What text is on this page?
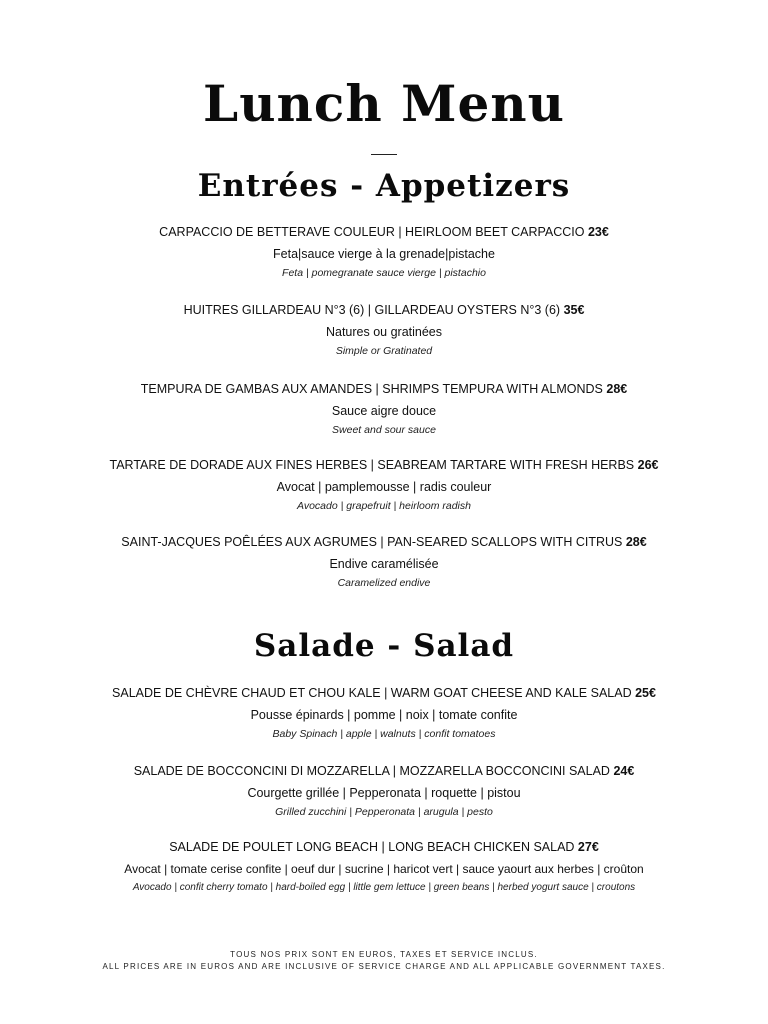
Lunch Menu
Entrées - Appetizers
CARPACCIO DE BETTERAVE COULEUR | HEIRLOOM BEET CARPACCIO 23€
Feta|sauce vierge à la grenade|pistache
Feta | pomegranate sauce vierge | pistachio
HUITRES GILLARDEAU N°3 (6) | GILLARDEAU OYSTERS N°3 (6) 35€
Natures ou gratinées
Simple or Gratinated
TEMPURA DE GAMBAS AUX AMANDES | SHRIMPS TEMPURA WITH ALMONDS 28€
Sauce aigre douce
Sweet and sour sauce
TARTARE DE DORADE AUX FINES HERBES | SEABREAM TARTARE WITH FRESH HERBS 26€
Avocat | pamplemousse | radis couleur
Avocado | grapefruit | heirloom radish
SAINT-JACQUES POÊLÉES AUX AGRUMES | PAN-SEARED SCALLOPS WITH CITRUS 28€
Endive caramélisée
Caramelized endive
Salade - Salad
SALADE DE CHÈVRE CHAUD ET CHOU KALE | WARM GOAT CHEESE AND KALE SALAD 25€
Pousse épinards | pomme | noix | tomate confite
Baby Spinach | apple | walnuts | confit tomatoes
SALADE DE BOCCONCINI DI MOZZARELLA | MOZZARELLA BOCCONCINI SALAD 24€
Courgette grillée | Pepperonata | roquette | pistou
Grilled zucchini | Pepperonata | arugula | pesto
SALADE DE POULET LONG BEACH | LONG BEACH CHICKEN SALAD 27€
Avocat | tomate cerise confite | oeuf dur | sucrine | haricot vert | sauce yaourt aux herbes | croûton
Avocado | confit cherry tomato | hard-boiled egg | little gem lettuce | green beans | herbed yogurt sauce | croutons
TOUS NOS PRIX SONT EN EUROS, TAXES ET SERVICE INCLUS.
ALL PRICES ARE IN EUROS AND ARE INCLUSIVE OF SERVICE CHARGE AND ALL APPLICABLE GOVERNMENT TAXES.
